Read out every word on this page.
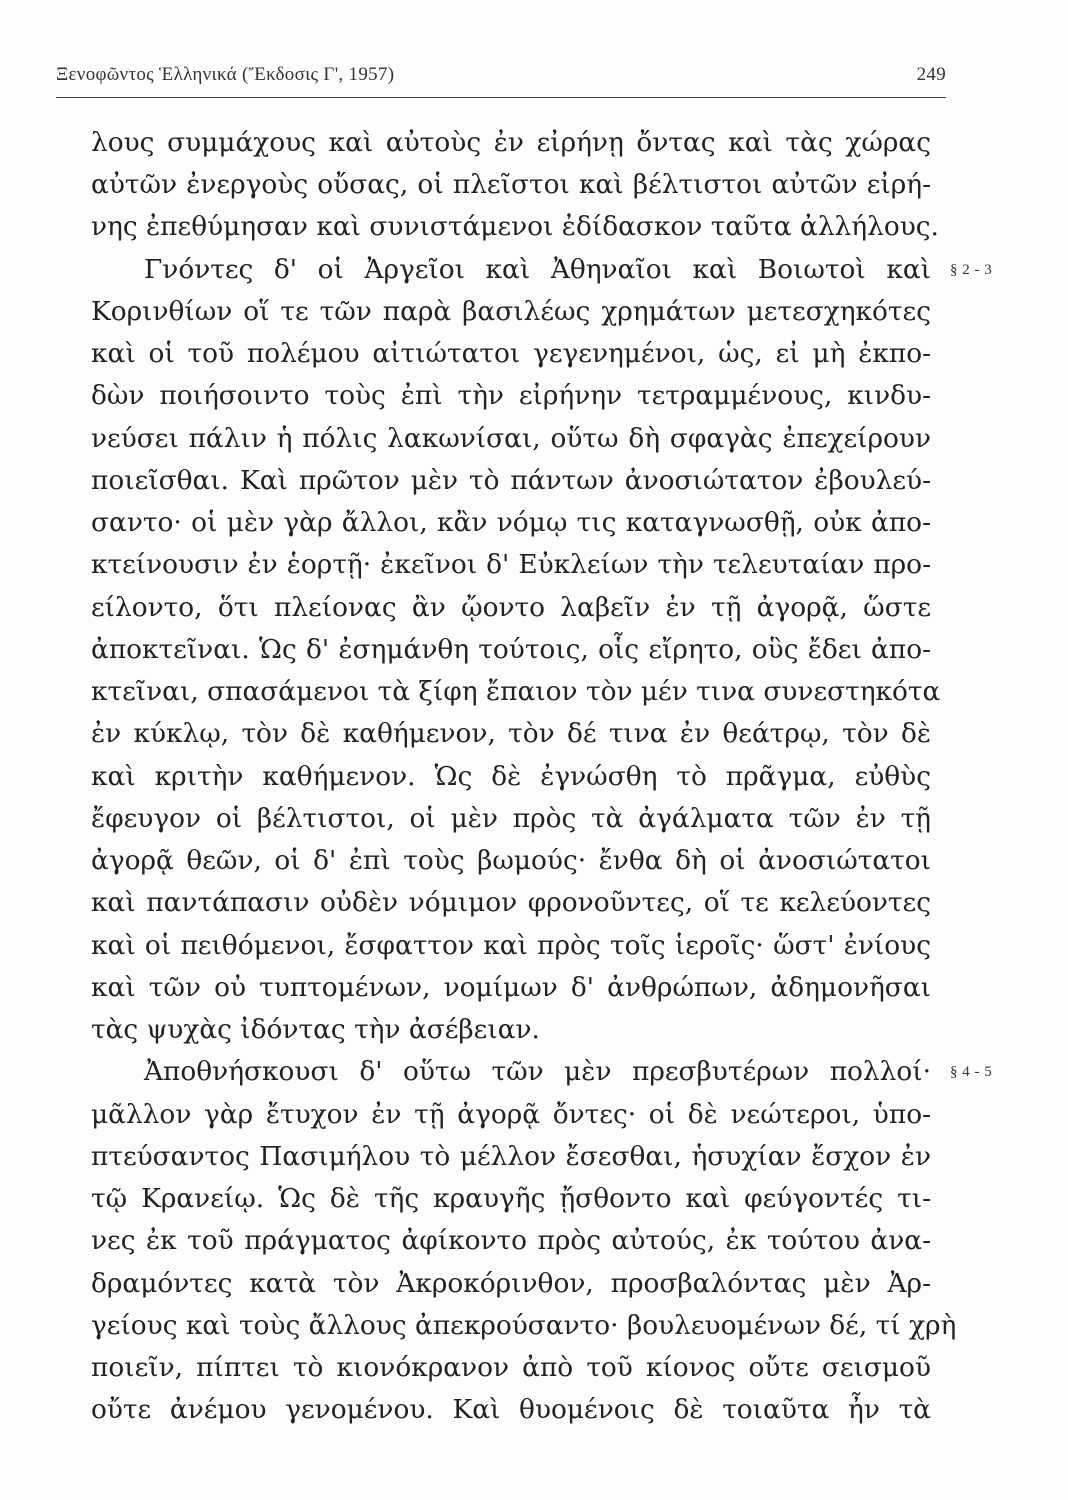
Ξενοφῶντος Ἑλληνικά (Ἔκδοσις Γ', 1957)	249
λους συμμάχους καὶ αὐτοὺς ἐν εἰρήνῃ ὄντας καὶ τὰς χώρας
αὐτῶν ἐνεργοὺς οὔσας, οἱ πλεῖστοι καὶ βέλτιστοι αὐτῶν εἰρή-
νης ἐπεθύμησαν καὶ συνιστάμενοι ἐδίδασκον ταῦτα ἀλλήλους.
Γνόντες δ' οἱ Ἀργεῖοι καὶ Ἀθηναῖοι καὶ Βοιωτοὶ καὶ
Κορινθίων οἵ τε τῶν παρὰ βασιλέως χρημάτων μετεσχηκότες
καὶ οἱ τοῦ πολέμου αἰτιώτατοι γεγενημένοι, ὡς, εἰ μὴ ἐκπο-
δὼν ποιήσοιντο τοὺς ἐπὶ τὴν εἰρήνην τετραμμένους, κινδυ-
νεύσει πάλιν ἡ πόλις λακωνίσαι, οὕτω δὴ σφαγὰς ἐπεχείρουν
ποιεῖσθαι. Καὶ πρῶτον μὲν τὸ πάντων ἀνοσιώτατον ἐβουλεύ-
σαντο· οἱ μὲν γὰρ ἄλλοι, κἂν νόμῳ τις καταγνωσθῇ, οὐκ ἀπο-
κτείνουσιν ἐν ἑορτῇ· ἐκεῖνοι δ' Εὐκλείων τὴν τελευταίαν προ-
είλοντο, ὅτι πλείονας ἂν ᾤοντο λαβεῖν ἐν τῇ ἀγορᾷ, ὥστε
ἀποκτεῖναι. Ὡς δ' ἐσημάνθη τούτοις, οἷς εἴρητο, οὓς ἔδει ἀπο-
κτεῖναι, σπασάμενοι τὰ ξίφη ἔπαιον τὸν μέν τινα συνεστηκότα
ἐν κύκλῳ, τὸν δὲ καθήμενον, τὸν δέ τινα ἐν θεάτρῳ, τὸν δὲ
καὶ κριτὴν καθήμενον. Ὡς δὲ ἐγνώσθη τὸ πρᾶγμα, εὐθὺς
ἔφευγον οἱ βέλτιστοι, οἱ μὲν πρὸς τὰ ἀγάλματα τῶν ἐν τῇ
ἀγορᾷ θεῶν, οἱ δ' ἐπὶ τοὺς βωμούς· ἔνθα δὴ οἱ ἀνοσιώτατοι
καὶ παντάπασιν οὐδὲν νόμιμον φρονοῦντες, οἵ τε κελεύοντες
καὶ οἱ πειθόμενοι, ἔσφαττον καὶ πρὸς τοῖς ἱεροῖς· ὥστ' ἐνίους
καὶ τῶν οὐ τυπτομένων, νομίμων δ' ἀνθρώπων, ἀδημονῆσαι
τὰς ψυχὰς ἰδόντας τὴν ἀσέβειαν.
Ἀποθνήσκουσι δ' οὕτω τῶν μὲν πρεσβυτέρων πολλοί·
μᾶλλον γὰρ ἔτυχον ἐν τῇ ἀγορᾷ ὄντες· οἱ δὲ νεώτεροι, ὑπο-
πτεύσαντος Πασιμήλου τὸ μέλλον ἔσεσθαι, ἡσυχίαν ἔσχον ἐν
τῷ Κρανείῳ. Ὡς δὲ τῆς κραυγῆς ᾔσθοντο καὶ φεύγοντές τι-
νες ἐκ τοῦ πράγματος ἀφίκοντο πρὸς αὐτούς, ἐκ τούτου ἀνα-
δραμόντες κατὰ τὸν Ἀκροκόρινθον, προσβαλόντας μὲν Ἀρ-
γείους καὶ τοὺς ἄλλους ἀπεκρούσαντο· βουλευομένων δέ, τί χρὴ
ποιεῖν, πίπτει τὸ κιονόκρανον ἀπὸ τοῦ κίονος οὔτε σεισμοῦ
οὔτε ἀνέμου γενομένου. Καὶ θυομένοις δὲ τοιαῦτα ἦν τὰ
§ 2 - 3
§ 4 - 5
